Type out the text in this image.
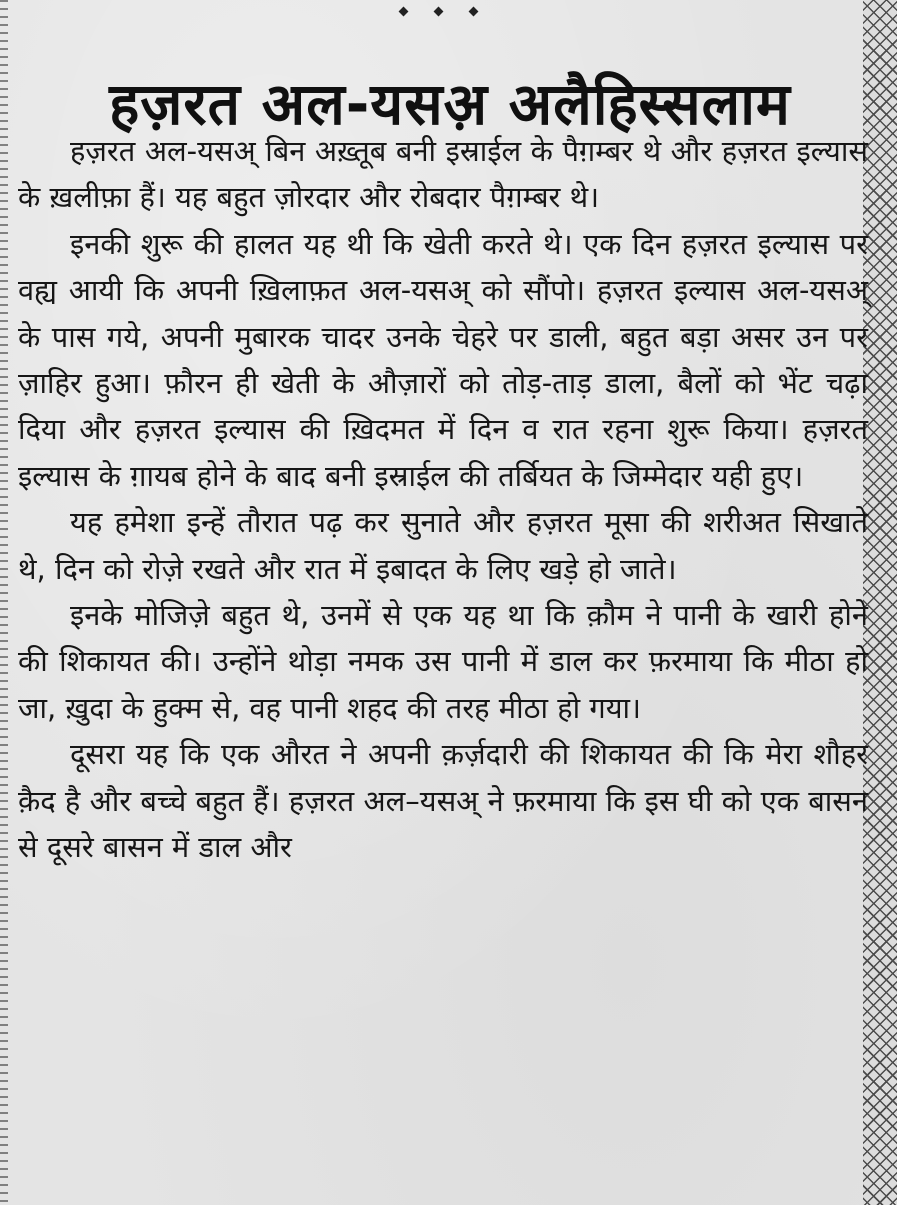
हज़रत अल-यसअ़ अलैहिस्सलाम

हज़रत अल-यसअ् बिन अख़्तूब बनी इस्राईल के पैग़म्बर थे और हज़रत इल्यास के ख़लीफ़ा हैं। यह बहुत ज़ोरदार और रोबदार पैग़म्बर थे।

इनकी शुरू की हालत यह थी कि खेती करते थे। एक दिन हज़रत इल्यास पर वह्य आयी कि अपनी ख़िलाफ़त अल-यसअ् को सौंपो। हज़रत इल्यास अल-यसअ् के पास गये, अपनी मुबारक चादर उनके चेहरे पर डाली, बहुत बड़ा असर उन पर ज़ाहिर हुआ। फ़ौरन ही खेती के औज़ारों को तोड़-ताड़ डाला, बैलों को भेंट चढ़ा दिया और हज़रत इल्यास की ख़िदमत में दिन व रात रहना शुरू किया। हज़रत इल्यास के ग़ायब होने के बाद बनी इस्राईल की तर्बियत के जिम्मेदार यही हुए।

यह हमेशा इन्हें तौरात पढ़ कर सुनाते और हज़रत मूसा की शरीअत सिखाते थे, दिन को रोज़े रखते और रात में इबादत के लिए खड़े हो जाते।

इनके मोजिज़े बहुत थे, उनमें से एक यह था कि क़ौम ने पानी के खारी होने की शिकायत की। उन्होंने थोड़ा नमक उस पानी में डाल कर फ़रमाया कि मीठा हो जा, ख़ुदा के हुक्म से, वह पानी शहद की तरह मीठा हो गया।

दूसरा यह कि एक औरत ने अपनी क़र्ज़दारी की शिकायत की कि मेरा शौहर क़ैद है और बच्चे बहुत हैं। हज़रत अल–यसअ् ने फ़रमाया कि इस घी को एक बासन से दूसरे बासन में डाल और
